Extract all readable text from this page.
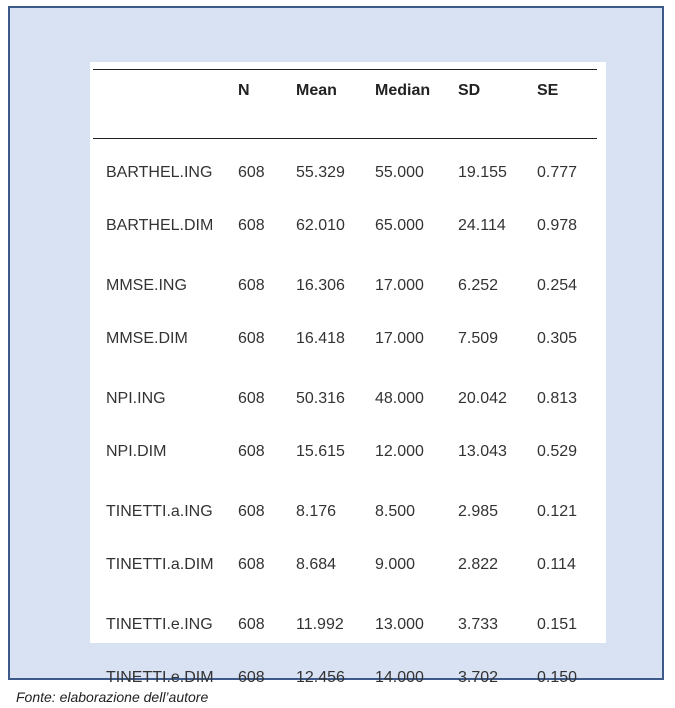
	N	Mean	Median	SD	SE
BARTHEL.ING	608	55.329	55.000	19.155	0.777
BARTHEL.DIM	608	62.010	65.000	24.114	0.978
MMSE.ING	608	16.306	17.000	6.252	0.254
MMSE.DIM	608	16.418	17.000	7.509	0.305
NPI.ING	608	50.316	48.000	20.042	0.813
NPI.DIM	608	15.615	12.000	13.043	0.529
TINETTI.a.ING	608	8.176	8.500	2.985	0.121
TINETTI.a.DIM	608	8.684	9.000	2.822	0.114
TINETTI.e.ING	608	11.992	13.000	3.733	0.151
TINETTI.e.DIM	608	12.456	14.000	3.702	0.150
Fonte: elaborazione dell’autore
